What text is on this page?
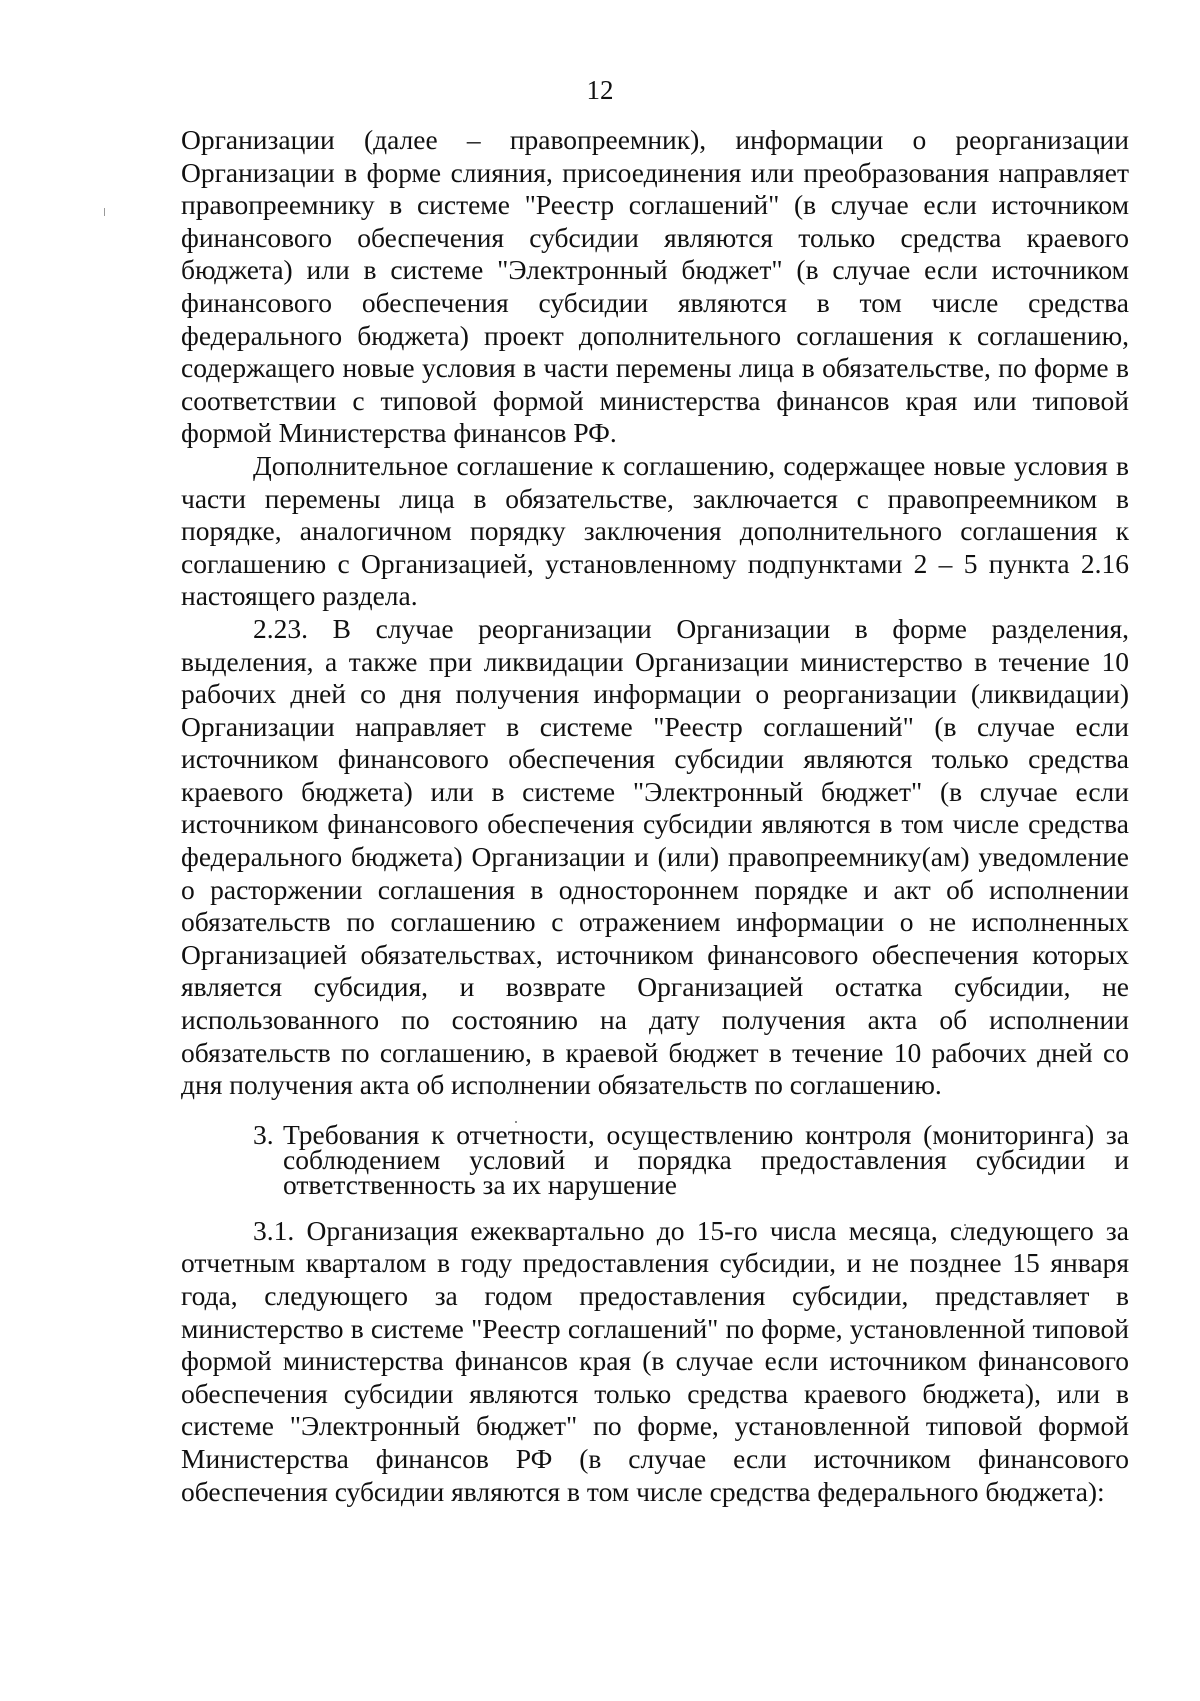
12

Организации (далее – правопреемник), информации о реорганизации Организации в форме слияния, присоединения или преобразования направляет правопреемнику в системе "Реестр соглашений" (в случае если источником финансового обеспечения субсидии являются только средства краевого бюджета) или в системе "Электронный бюджет" (в случае если источником финансового обеспечения субсидии являются в том числе средства федерального бюджета) проект дополнительного соглашения к соглашению, содержащего новые условия в части перемены лица в обязательстве, по форме в соответствии с типовой формой министерства финансов края или типовой формой Министерства финансов РФ.

Дополнительное соглашение к соглашению, содержащее новые условия в части перемены лица в обязательстве, заключается с правопреемником в порядке, аналогичном порядку заключения дополнительного соглашения к соглашению с Организацией, установленному подпунктами 2 – 5 пункта 2.16 настоящего раздела.

2.23. В случае реорганизации Организации в форме разделения, выделения, а также при ликвидации Организации министерство в течение 10 рабочих дней со дня получения информации о реорганизации (ликвидации) Организации направляет в системе "Реестр соглашений" (в случае если источником финансового обеспечения субсидии являются только средства краевого бюджета) или в системе "Электронный бюджет" (в случае если источником финансового обеспечения субсидии являются в том числе средства федерального бюджета) Организации и (или) правопреемнику(ам) уведомление о расторжении соглашения в одностороннем порядке и акт об исполнении обязательств по соглашению с отражением информации о не исполненных Организацией обязательствах, источником финансового обеспечения которых является субсидия, и возврате Организацией остатка субсидии, не использованного по состоянию на дату получения акта об исполнении обязательств по соглашению, в краевой бюджет в течение 10 рабочих дней со дня получения акта об исполнении обязательств по соглашению.

3. Требования к отчетности, осуществлению контроля (мониторинга) за соблюдением условий и порядка предоставления субсидии и ответственность за их нарушение

3.1. Организация ежеквартально до 15-го числа месяца, следующего за отчетным кварталом в году предоставления субсидии, и не позднее 15 января года, следующего за годом предоставления субсидии, представляет в министерство в системе "Реестр соглашений" по форме, установленной типовой формой министерства финансов края (в случае если источником финансового обеспечения субсидии являются только средства краевого бюджета), или в системе "Электронный бюджет" по форме, установленной типовой формой Министерства финансов РФ (в случае если источником финансового обеспечения субсидии являются в том числе средства федерального бюджета):
